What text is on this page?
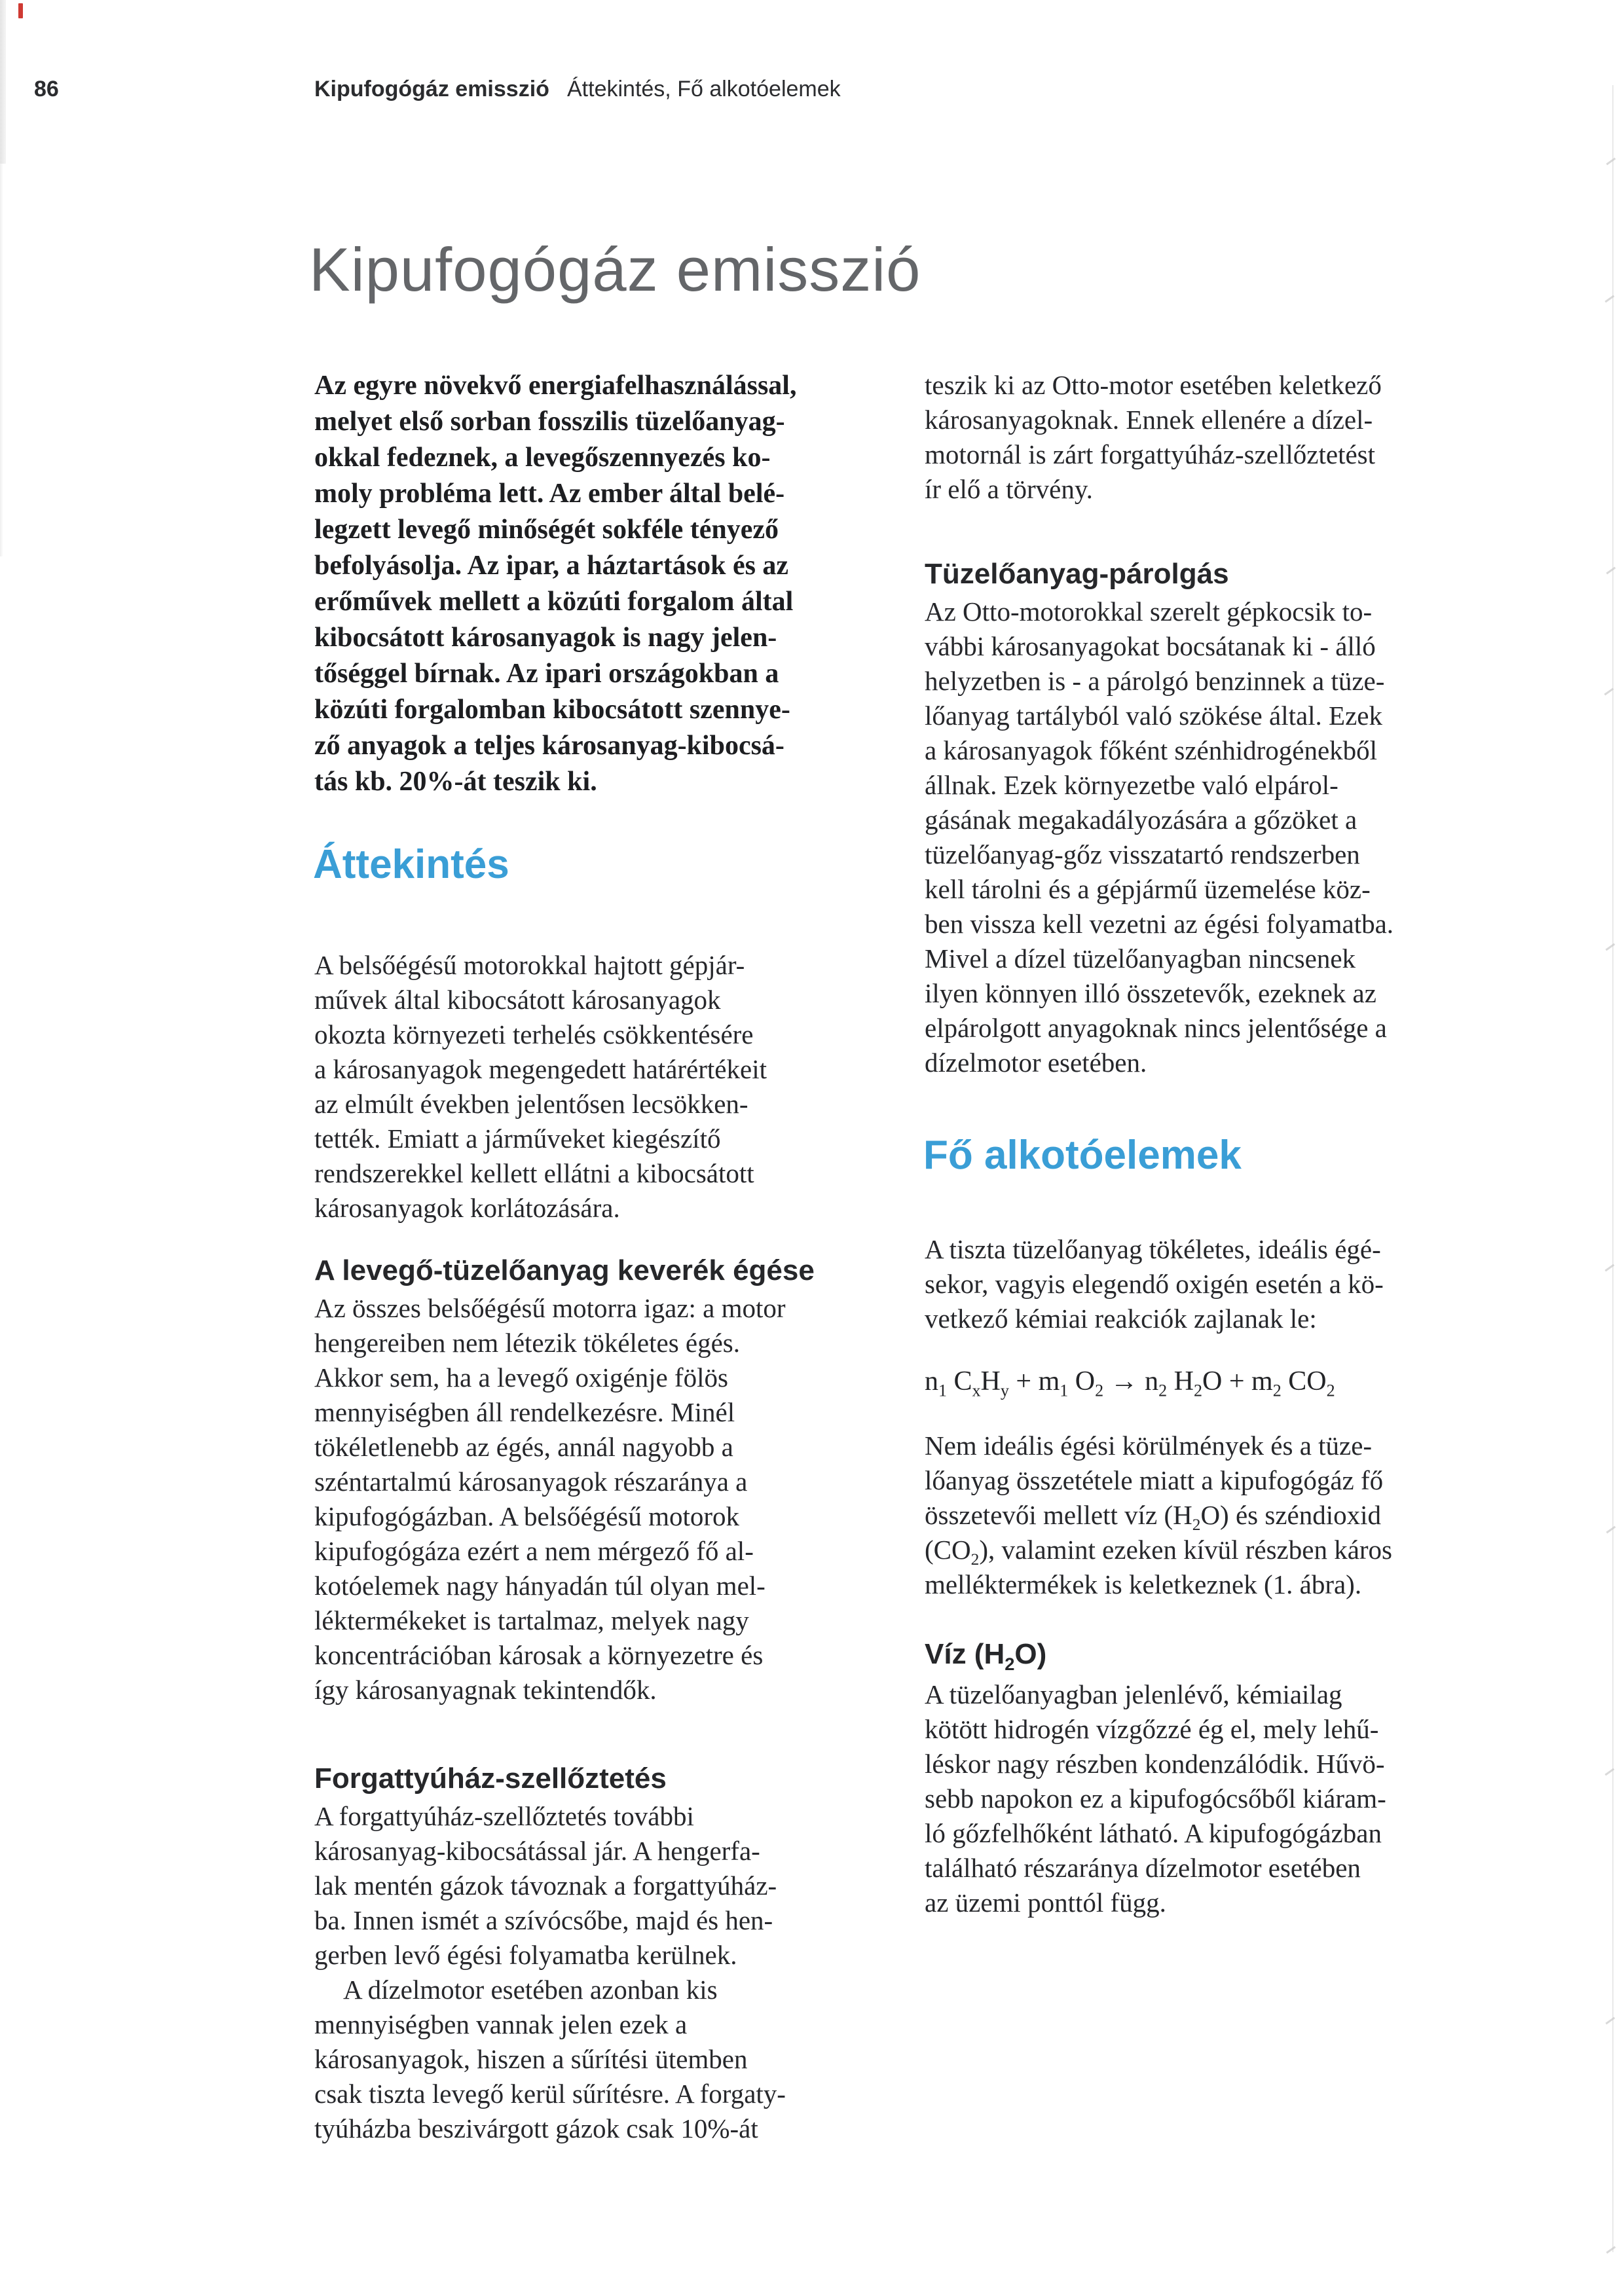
86	Kipufogógáz emisszió Áttekintés, Fő alkotóelemek
Kipufogógáz emisszió
Az egyre növekvő energiafelhasználással,
melyet első sorban fosszilis tüzelőanyag-
okkal fedeznek, a levegőszennyezés ko-
moly probléma lett. Az ember által belé-
legzett levegő minőségét sokféle tényező
befolyásolja. Az ipar, a háztartások és az
erőművek mellett a közúti forgalom által
kibocsátott károsanyagok is nagy jelen-
tőséggel bírnak. Az ipari országokban a
közúti forgalomban kibocsátott szennye-
ző anyagok a teljes károsanyag-kibocsá-
tás kb. 20%-át teszik ki.
Áttekintés
A belsőégésű motorokkal hajtott gépjár-
művek által kibocsátott károsanyagok
okozta környezeti terhelés csökkentésére
a károsanyagok megengedett határértékeit
az elmúlt években jelentősen lecsökken-
tették. Emiatt a járműveket kiegészítő
rendszerekkel kellett ellátni a kibocsátott
károsanyagok korlátozására.
A levegő-tüzelőanyag keverék égése
Az összes belsőégésű motorra igaz: a motor
hengereiben nem létezik tökéletes égés.
Akkor sem, ha a levegő oxigénje fölös
mennyiségben áll rendelkezésre. Minél
tökéletlenebb az égés, annál nagyobb a
széntartalmú károsanyagok részaránya a
kipufogógázban. A belsőégésű motorok
kipufogógáza ezért a nem mérgező fő al-
kotóelemek nagy hányadán túl olyan mel-
léktermékeket is tartalmaz, melyek nagy
koncentrációban károsak a környezetre és
így károsanyagnak tekintendők.
Forgattyúház-szellőztetés
A forgattyúház-szellőztetés további
károsanyag-kibocsátással jár. A hengerfa-
lak mentén gázok távoznak a forgattyúház-
ba. Innen ismét a szívócsőbe, majd és hen-
gerben levő égési folyamatba kerülnek.
A dízelmotor esetében azonban kis
mennyiségben vannak jelen ezek a
károsanyagok, hiszen a sűrítési ütemben
csak tiszta levegő kerül sűrítésre. A forgaty-
tyúházba beszivárgott gázok csak 10%-át
teszik ki az Otto-motor esetében keletkező
károsanyagoknak. Ennek ellenére a dízel-
motornál is zárt forgattyúház-szellőztetést
ír elő a törvény.
Tüzelőanyag-párolgás
Az Otto-motorokkal szerelt gépkocsik to-
vábbi károsanyagokat bocsátanak ki - álló
helyzetben is - a párolgó benzinnek a tüze-
lőanyag tartályból való szökése által. Ezek
a károsanyagok főként szénhidrogénekből
állnak. Ezek környezetbe való elpárol-
gásának megakadályozására a gőzöket a
tüzelőanyag-gőz visszatartó rendszerben
kell tárolni és a gépjármű üzemelése köz-
ben vissza kell vezetni az égési folyamatba.
Mivel a dízel tüzelőanyagban nincsenek
ilyen könnyen illó összetevők, ezeknek az
elpárolgott anyagoknak nincs jelentősége a
dízelmotor esetében.
Fő alkotóelemek
A tiszta tüzelőanyag tökéletes, ideális égé-
sekor, vagyis elegendő oxigén esetén a kö-
vetkező kémiai reakciók zajlanak le:
$n_1$ $C_xH_y + m_1$ $O_2 \to n_2$ $H_2O + m_2$ $CO_2$
Nem ideális égési körülmények és a tüze-
lőanyag összetétele miatt a kipufogógáz fő
összetevői mellett víz $(H_2O)$ és széndioxid
$(CO_2)$, valamint ezeken kívül részben káros
melléktermékek is keletkeznek (1. ábra).
Víz $(H_2O)$
A tüzelőanyagban jelenlévő, kémiailag
kötött hidrogén vízgőzzé ég el, mely lehű-
léskor nagy részben kondenzálódik. Hűvö-
sebb napokon ez a kipufogócsőből kiáram-
ló gőzfelhőként látható. A kipufogógázban
található részaránya dízelmotor esetében
az üzemi ponttól függ.
